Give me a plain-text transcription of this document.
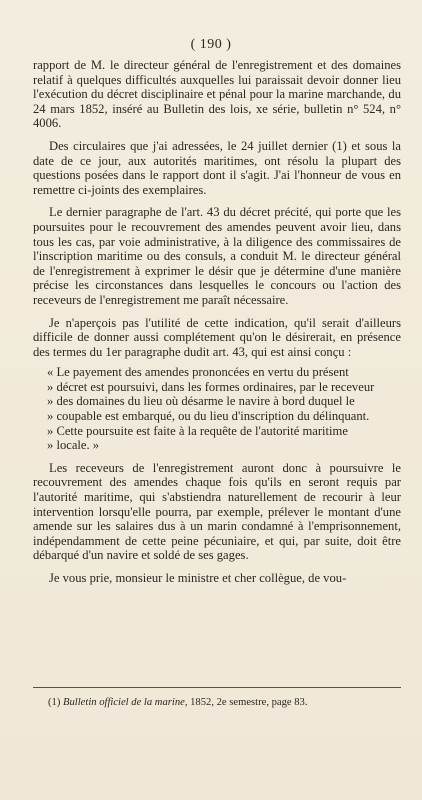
( 190 )

rapport de M. le directeur général de l'enregistrement et des domaines relatif à quelques difficultés auxquelles lui paraissait devoir donner lieu l'exécution du décret disciplinaire et pénal pour la marine marchande, du 24 mars 1852, inséré au Bulletin des lois, xe série, bulletin n° 524, n° 4006.

Des circulaires que j'ai adressées, le 24 juillet dernier (1) et sous la date de ce jour, aux autorités maritimes, ont résolu la plupart des questions posées dans le rapport dont il s'agit. J'ai l'honneur de vous en remettre ci-joints des exemplaires.

Le dernier paragraphe de l'art. 43 du décret précité, qui porte que les poursuites pour le recouvrement des amendes peuvent avoir lieu, dans tous les cas, par voie administrative, à la diligence des commissaires de l'inscription maritime ou des consuls, a conduit M. le directeur général de l'enregistrement à exprimer le désir que je détermine d'une manière précise les circonstances dans lesquelles le concours ou l'action des receveurs de l'enregistrement me paraît nécessaire.

Je n'aperçois pas l'utilité de cette indication, qu'il serait d'ailleurs difficile de donner aussi complétement qu'on le désirerait, en présence des termes du 1er paragraphe dudit art. 43, qui est ainsi conçu :

« Le payement des amendes prononcées en vertu du présent
» décret est poursuivi, dans les formes ordinaires, par le receveur
» des domaines du lieu où désarme le navire à bord duquel le
» coupable est embarqué, ou du lieu d'inscription du délinquant.
» Cette poursuite est faite à la requête de l'autorité maritime
» locale. »

Les receveurs de l'enregistrement auront donc à poursuivre le recouvrement des amendes chaque fois qu'ils en seront requis par l'autorité maritime, qui s'abstiendra naturellement de recourir à leur intervention lorsqu'elle pourra, par exemple, prélever le montant d'une amende sur les salaires dus à un marin condamné à l'emprisonnement, indépendamment de cette peine pécuniaire, et qui, par suite, doit être débarqué d'un navire et soldé de ses gages.

Je vous prie, monsieur le ministre et cher collègue, de vou-

(1) Bulletin officiel de la marine, 1852, 2e semestre, page 83.
